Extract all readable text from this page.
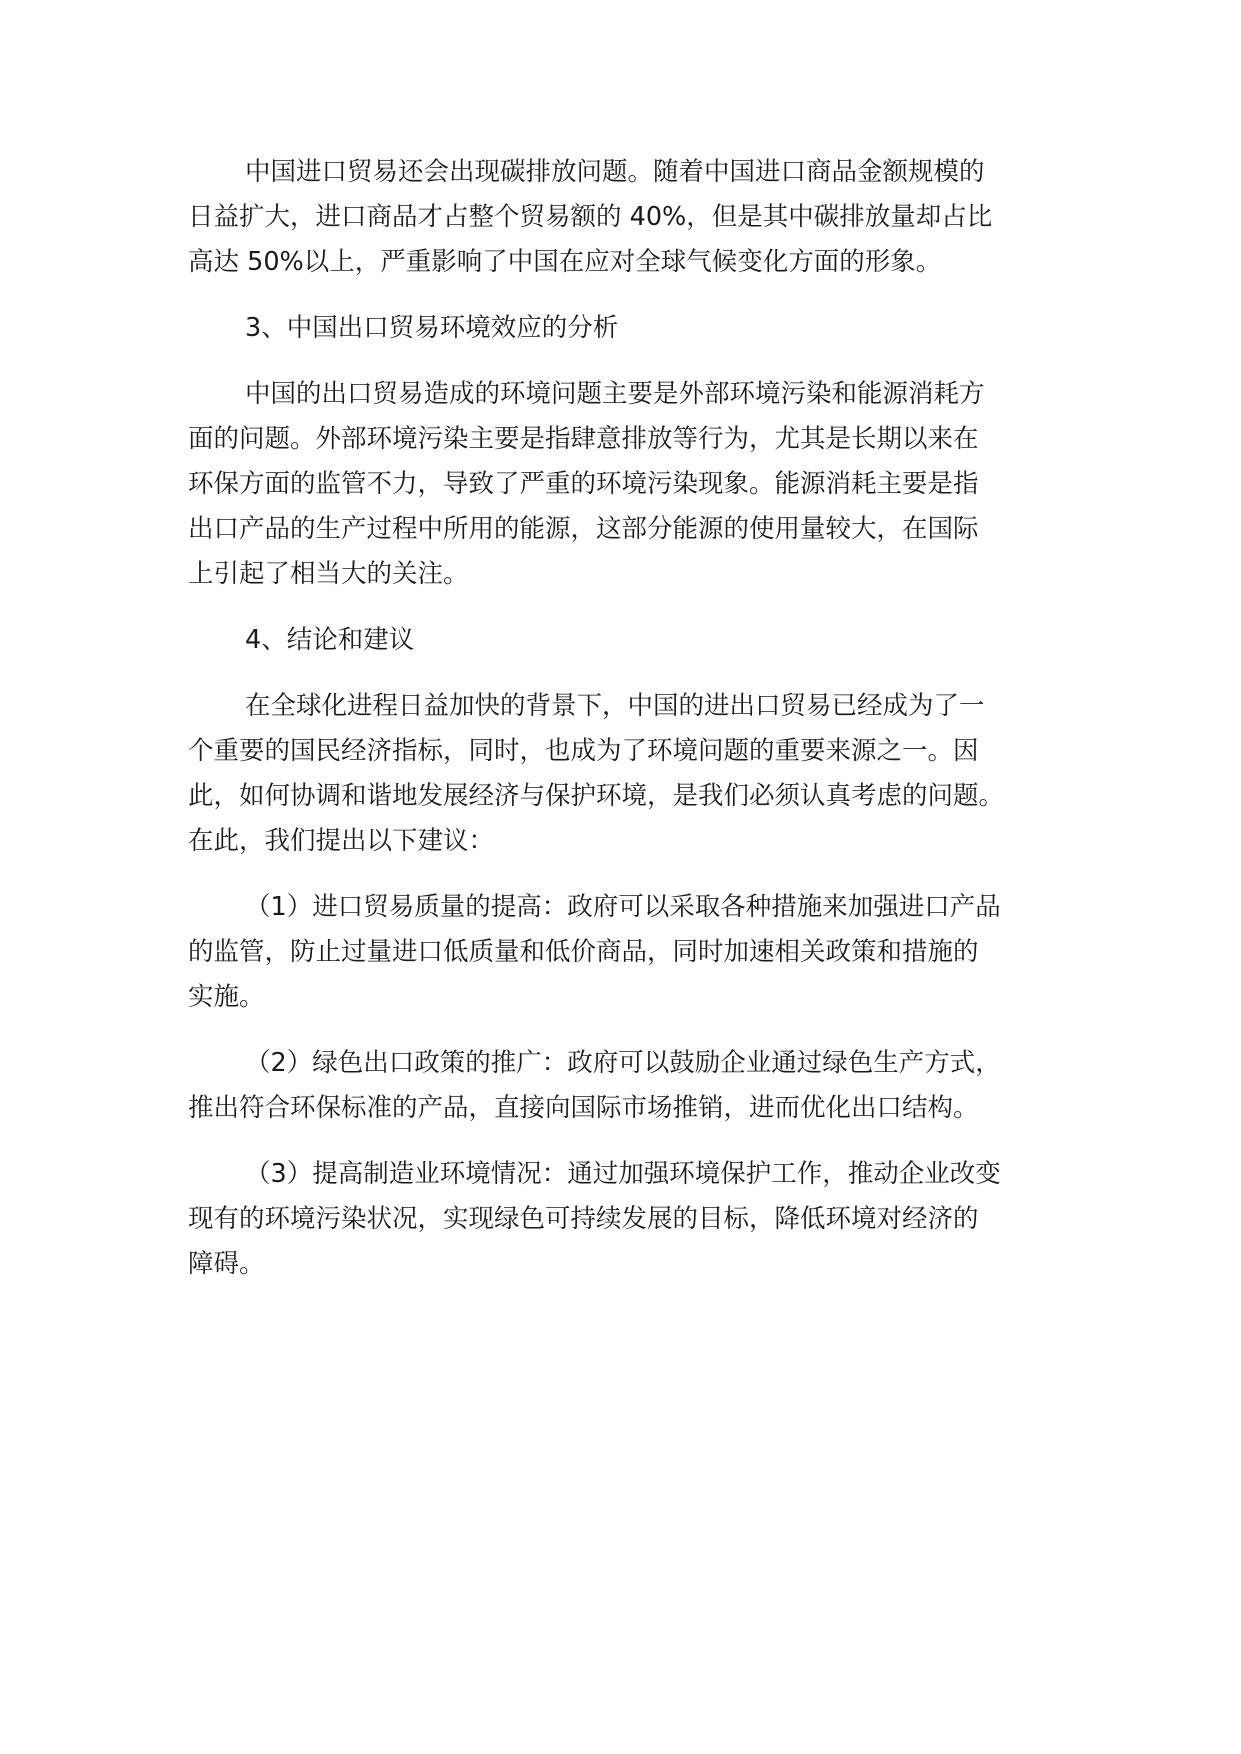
中国进口贸易还会出现碳排放问题。随着中国进口商品金额规模的
日益扩大，进口商品才占整个贸易额的 40%，但是其中碳排放量却占比
高达 50%以上，严重影响了中国在应对全球气候变化方面的形象。
3、中国出口贸易环境效应的分析
中国的出口贸易造成的环境问题主要是外部环境污染和能源消耗方
面的问题。外部环境污染主要是指肆意排放等行为，尤其是长期以来在
环保方面的监管不力，导致了严重的环境污染现象。能源消耗主要是指
出口产品的生产过程中所用的能源，这部分能源的使用量较大，在国际
上引起了相当大的关注。
4、结论和建议
在全球化进程日益加快的背景下，中国的进出口贸易已经成为了一
个重要的国民经济指标，同时，也成为了环境问题的重要来源之一。因
此，如何协调和谐地发展经济与保护环境，是我们必须认真考虑的问题。
在此，我们提出以下建议：
（1）进口贸易质量的提高：政府可以采取各种措施来加强进口产品
的监管，防止过量进口低质量和低价商品，同时加速相关政策和措施的
实施。
（2）绿色出口政策的推广：政府可以鼓励企业通过绿色生产方式，
推出符合环保标准的产品，直接向国际市场推销，进而优化出口结构。
（3）提高制造业环境情况：通过加强环境保护工作，推动企业改变
现有的环境污染状况，实现绿色可持续发展的目标，降低环境对经济的
障碍。
